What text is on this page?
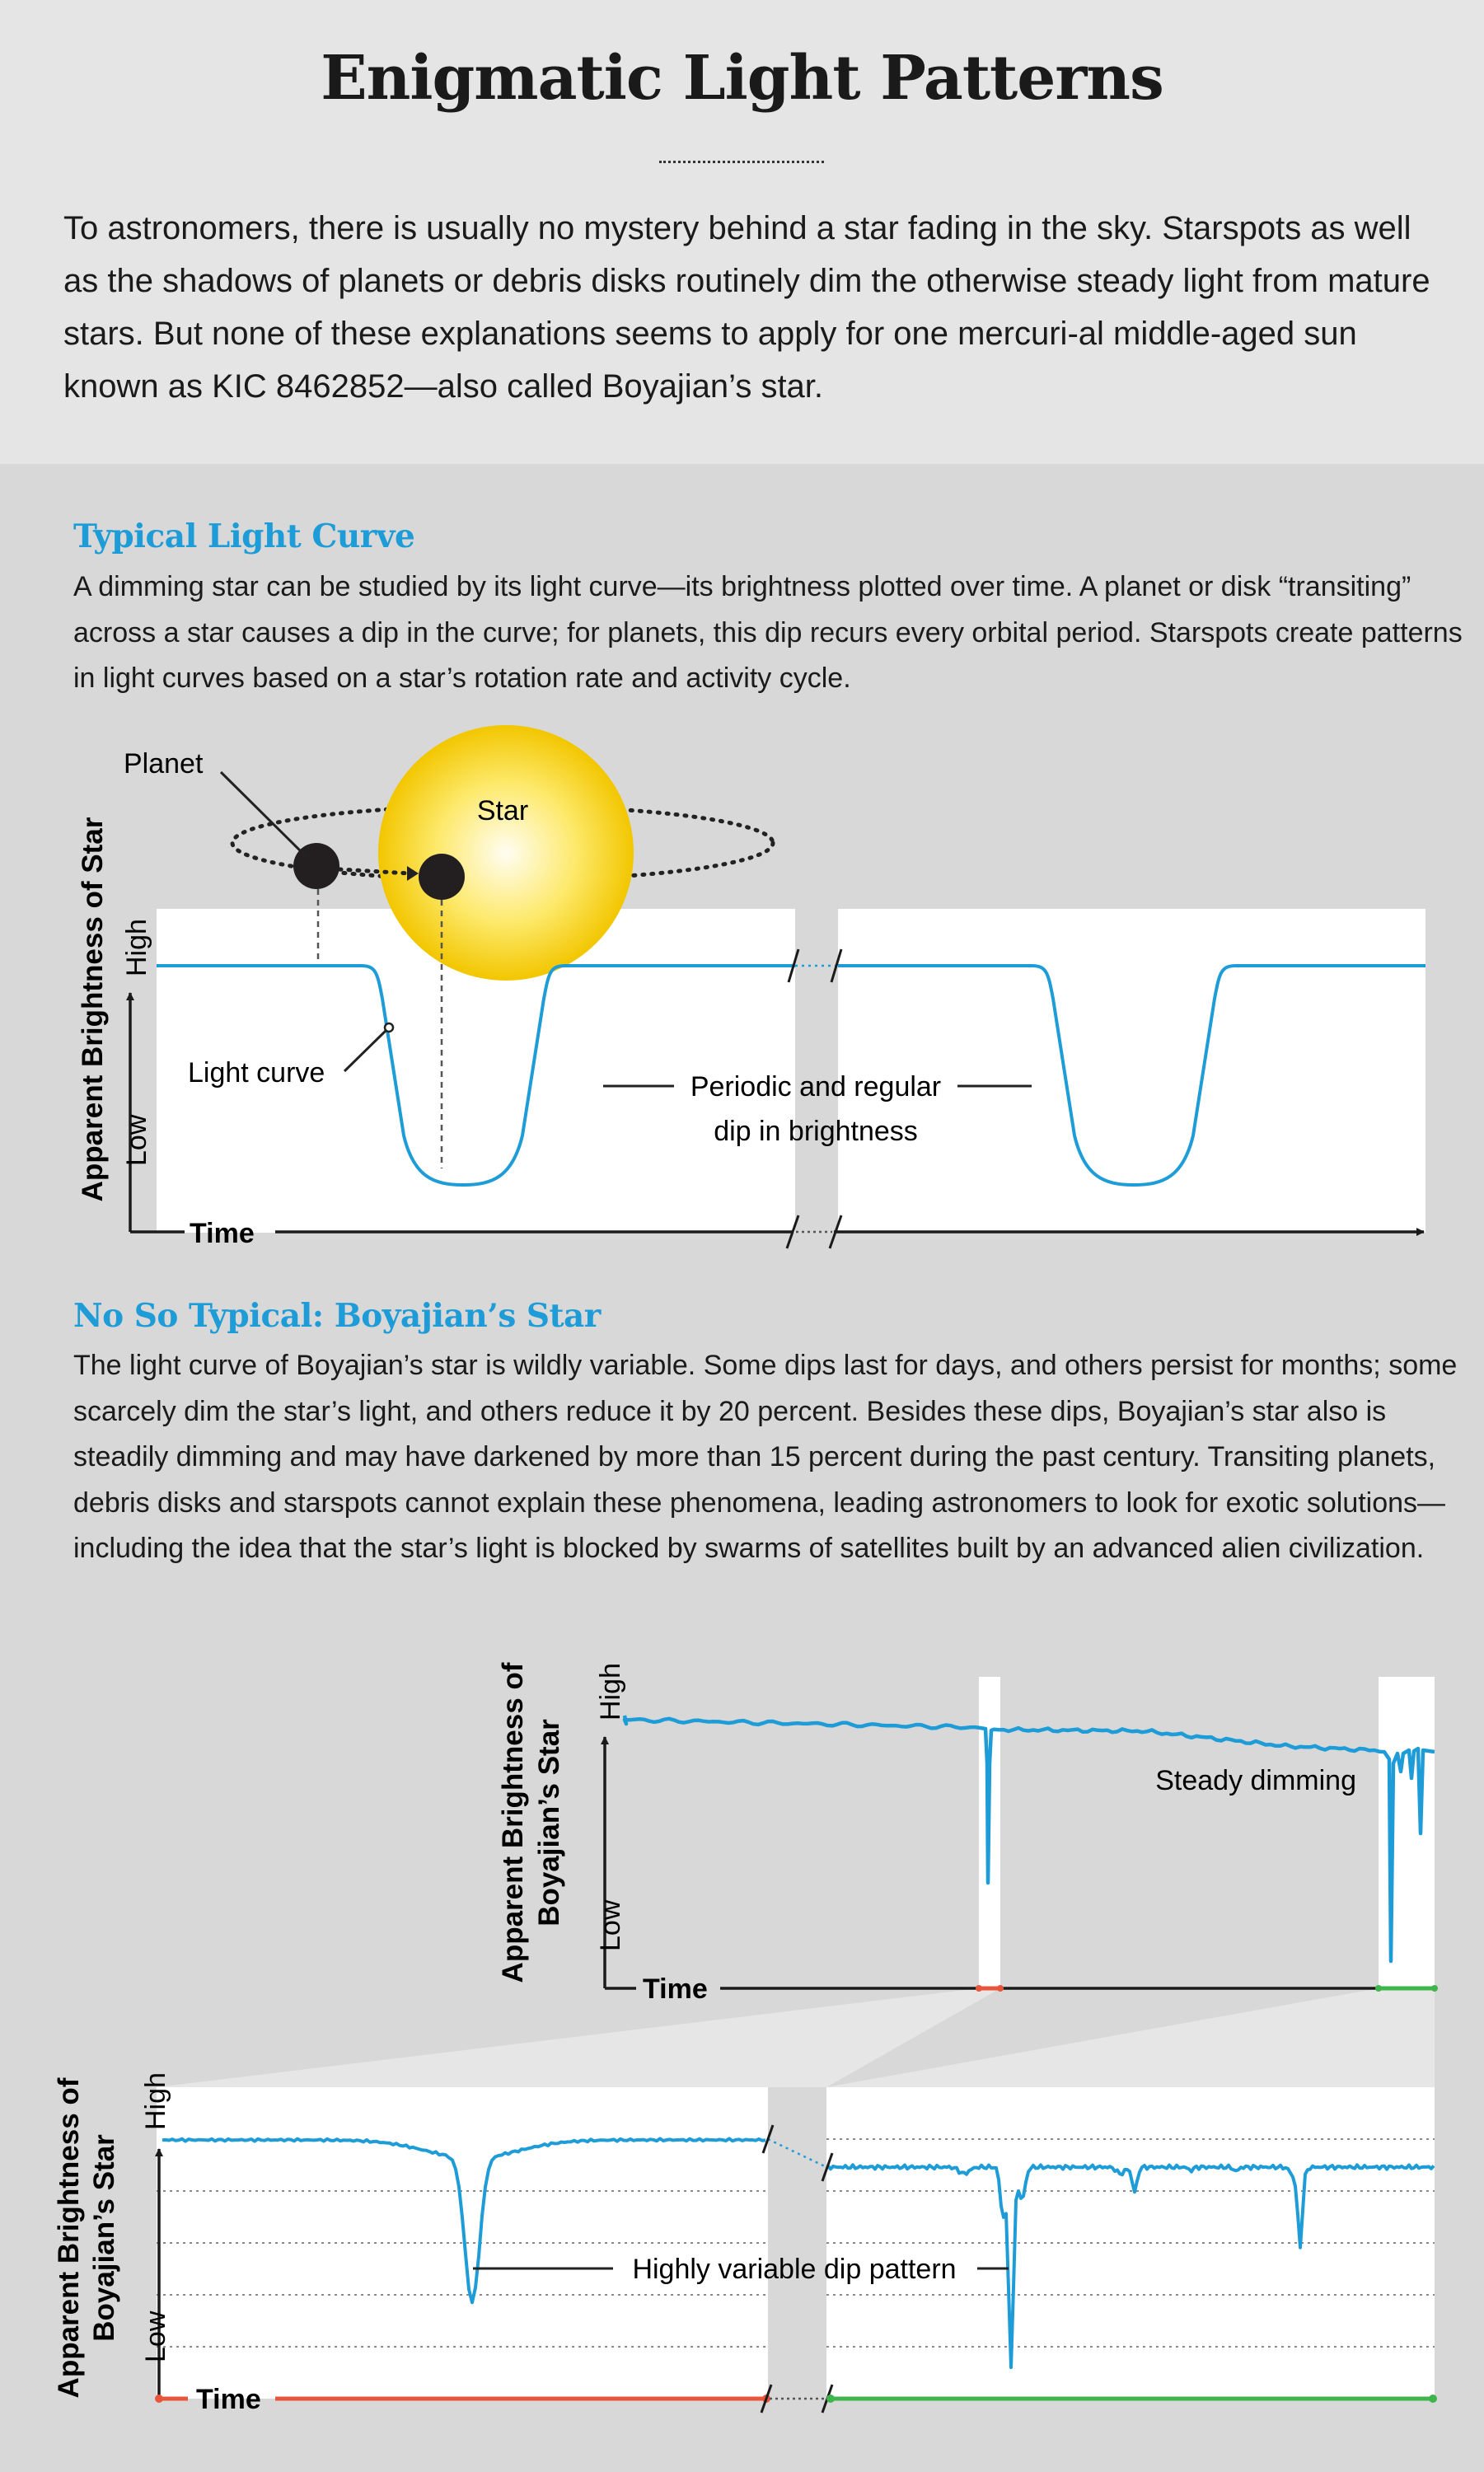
Enigmatic Light Patterns

To astronomers, there is usually no mystery behind a star fading in the sky. Starspots as well as the shadows of planets or debris disks routinely dim the otherwise steady light from mature stars. But none of these explanations seems to apply for one mercuri-al middle-aged sun known as KIC 8462852—also called Boyajian’s star.

Typical Light Curve

A dimming star can be studied by its light curve—its brightness plotted over time. A planet or disk “transiting” across a star causes a dip in the curve; for planets, this dip recurs every orbital period. Starspots create patterns in light curves based on a star’s rotation rate and activity cycle.

No So Typical: Boyajian’s Star

The light curve of Boyajian’s star is wildly variable. Some dips last for days, and others persist for months; some scarcely dim the star’s light, and others reduce it by 20 percent. Besides these dips, Boyajian’s star also is steadily dimming and may have darkened by more than 15 percent during the past century. Transiting planets, debris disks and starspots cannot explain these phenomena, leading astronomers to look for exotic solutions—including the idea that the star’s light is blocked by swarms of satellites built by an advanced alien civilization.

Star
Planet
Light curve	Periodic and regular
dip in brightness
Time
Low
High
Apparent Brightness of Star
Steady dimming
Time
Low
High
Apparent Brightness of Boyajian’s Star
Highly variable dip pattern
Time
Low
High
Apparent Brightness of Boyajian’s Star
